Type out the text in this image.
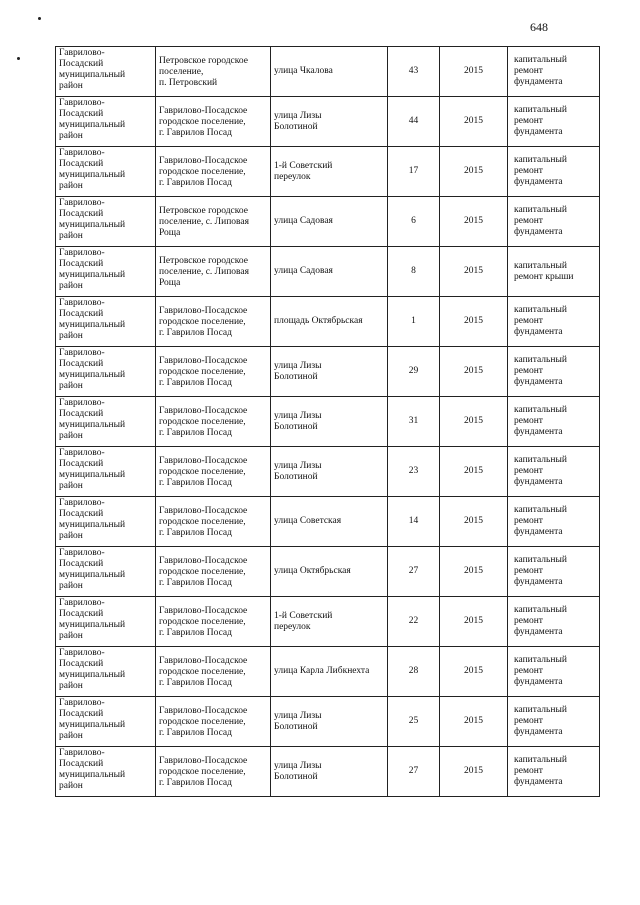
648
Гаврилово-
Посадский
муниципальный
район	Петровское городское
поселение,
п. Петровский	улица Чкалова	43	2015	капитальный
ремонт
фундамента
Гаврилово-
Посадский
муниципальный
район	Гаврилово-Посадское
городское поселение,
г. Гаврилов Посад	улица Лизы
Болотиной	44	2015	капитальный
ремонт
фундамента
Гаврилово-
Посадский
муниципальный
район	Гаврилово-Посадское
городское поселение,
г. Гаврилов Посад	1-й Советский
переулок	17	2015	капитальный
ремонт
фундамента
Гаврилово-
Посадский
муниципальный
район	Петровское городское
поселение, с. Липовая
Роща	улица Садовая	6	2015	капитальный
ремонт
фундамента
Гаврилово-
Посадский
муниципальный
район	Петровское городское
поселение, с. Липовая
Роща	улица Садовая	8	2015	капитальный
ремонт крыши
Гаврилово-
Посадский
муниципальный
район	Гаврилово-Посадское
городское поселение,
г. Гаврилов Посад	площадь Октябрьская	1	2015	капитальный
ремонт
фундамента
Гаврилово-
Посадский
муниципальный
район	Гаврилово-Посадское
городское поселение,
г. Гаврилов Посад	улица Лизы
Болотиной	29	2015	капитальный
ремонт
фундамента
Гаврилово-
Посадский
муниципальный
район	Гаврилово-Посадское
городское поселение,
г. Гаврилов Посад	улица Лизы
Болотиной	31	2015	капитальный
ремонт
фундамента
Гаврилово-
Посадский
муниципальный
район	Гаврилово-Посадское
городское поселение,
г. Гаврилов Посад	улица Лизы
Болотиной	23	2015	капитальный
ремонт
фундамента
Гаврилово-
Посадский
муниципальный
район	Гаврилово-Посадское
городское поселение,
г. Гаврилов Посад	улица Советская	14	2015	капитальный
ремонт
фундамента
Гаврилово-
Посадский
муниципальный
район	Гаврилово-Посадское
городское поселение,
г. Гаврилов Посад	улица Октябрьская	27	2015	капитальный
ремонт
фундамента
Гаврилово-
Посадский
муниципальный
район	Гаврилово-Посадское
городское поселение,
г. Гаврилов Посад	1-й Советский
переулок	22	2015	капитальный
ремонт
фундамента
Гаврилово-
Посадский
муниципальный
район	Гаврилово-Посадское
городское поселение,
г. Гаврилов Посад	улица Карла Либкнехта	28	2015	капитальный
ремонт
фундамента
Гаврилово-
Посадский
муниципальный
район	Гаврилово-Посадское
городское поселение,
г. Гаврилов Посад	улица Лизы
Болотиной	25	2015	капитальный
ремонт
фундамента
Гаврилово-
Посадский
муниципальный
район	Гаврилово-Посадское
городское поселение,
г. Гаврилов Посад	улица Лизы
Болотиной	27	2015	капитальный
ремонт
фундамента
